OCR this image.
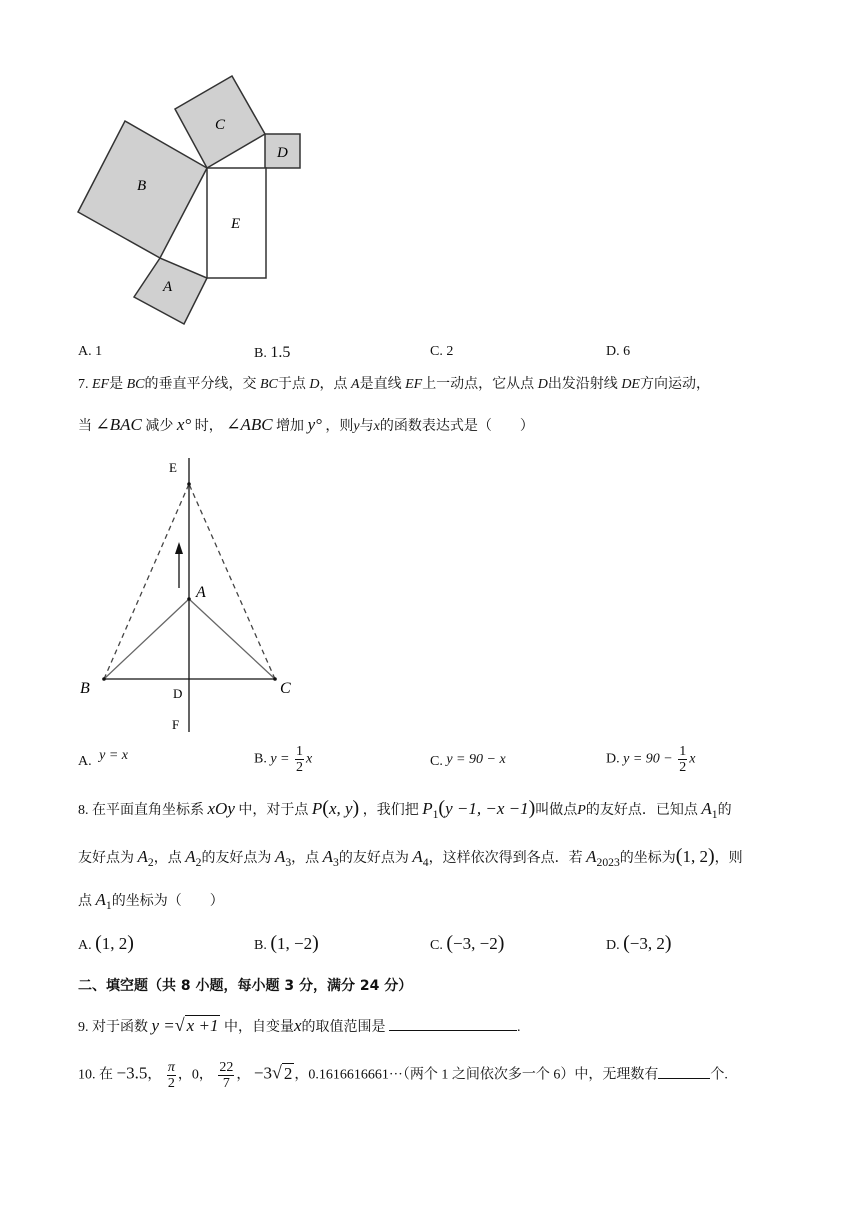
B
C
D
E
A
A. 1	B. 1.5	C. 2	D. 6
7. EF是 BC的垂直平分线，交 BC于点 D，点 A是直线 EF上一动点，它从点 D出发沿射线 DE方向运动，
当 ∠BAC 减少 x° 时， ∠ABC 增加 y° ，则y与x的函数表达式是（　　）
E
A
B	D	C
F
A. y = x	B. $y = \frac{1}{2}$ x	C. y = 90 − x	D. $y = 90 - \frac{1}{2}$ x
8. 在平面直角坐标系 xOy 中，对于点 P(x, y) ，我们把 $P_1(y -1$, −x −1)叫做点P的友好点．已知点 $A_1$的
友好点为 $A_2$，点 $A_2$的友好点为 $A_3$，点 $A_3$的友好点为 $A_4$，这样依次得到各点．若 $A_{2023}$的坐标为(1, 2)，则
点 $A_1$的坐标为（　　）
A. (1, 2)	B. (1, −2)	C. (−3, −2)	D. (−3, 2)
二、填空题（共 8 小题，每小题 3 分，满分 24 分）
9. 对于函数 y =√ x +1 中，自变量x的取值范围是	.
10. 在 −3.5， $\frac{\pi}{2}$ ，0， $\frac{22}{7}$ ， −3√ 2 ，0.1616616661···（两个 1 之间依次多一个 6）中，无理数有	个.
